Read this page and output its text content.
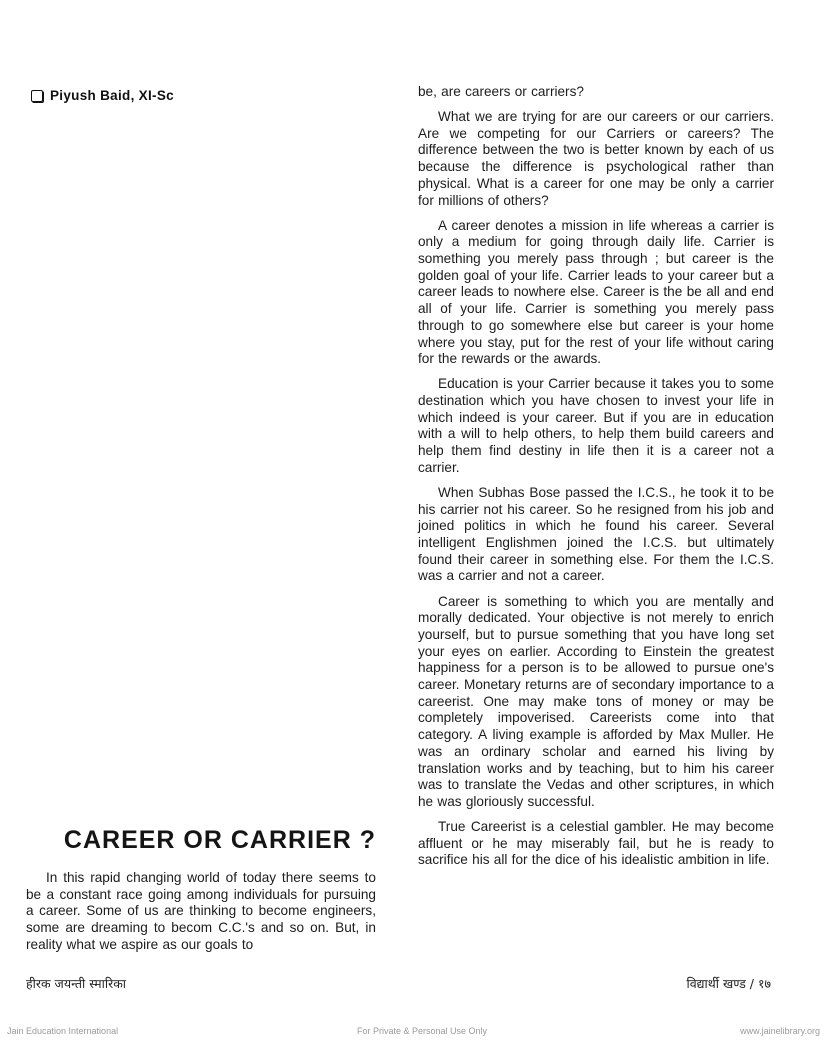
Piyush Baid, XI-Sc	be, are careers or carriers?

What we are trying for are our careers or our carriers. Are we competing for our Carriers or careers? The difference between the two is better known by each of us because the difference is psychological rather than physical. What is a career for one may be only a carrier for millions of others?

A career denotes a mission in life whereas a carrier is only a medium for going through daily life. Carrier is something you merely pass through ; but career is the golden goal of your life. Carrier leads to your career but a career leads to nowhere else. Career is the be all and end all of your life. Carrier is something you merely pass through to go somewhere else but career is your home where you stay, put for the rest of your life without caring for the rewards or the awards.

Education is your Carrier because it takes you to some destination which you have chosen to invest your life in which indeed is your career. But if you are in education with a will to help others, to help them build careers and help them find destiny in life then it is a career not a carrier.

When Subhas Bose passed the I.C.S., he took it to be his carrier not his career. So he resigned from his job and joined politics in which he found his career. Several intelligent Englishmen joined the I.C.S. but ultimately found their career in something else. For them the I.C.S. was a carrier and not a career.

Career is something to which you are mentally and morally dedicated. Your objective is not merely to enrich yourself, but to pursue something that you have long set your eyes on earlier. According to Einstein the greatest happiness for a person is to be allowed to pursue one's career. Monetary returns are of secondary importance to a careerist. One may make tons of money or may be completely impoverised. Careerists come into that category. A living example is afforded by Max Muller. He was an ordinary scholar and earned his living by translation works and by teaching, but to him his career was to translate the Vedas and other scriptures, in which he was gloriously successful.

True Careerist is a celestial gambler. He may become affluent or he may miserably fail, but he is ready to sacrifice his all for the dice of his idealistic ambition in life.

CAREER OR CARRIER ?

In this rapid changing world of today there seems to be a constant race going among individuals for pursuing a career. Some of us are thinking to become engineers, some are dreaming to becom C.C.'s and so on. But, in reality what we aspire as our goals to

हीरक जयन्ती स्मारिका	विद्यार्थी खण्ड / १७
Jain Education International	For Private & Personal Use Only	www.jainelibrary.org
